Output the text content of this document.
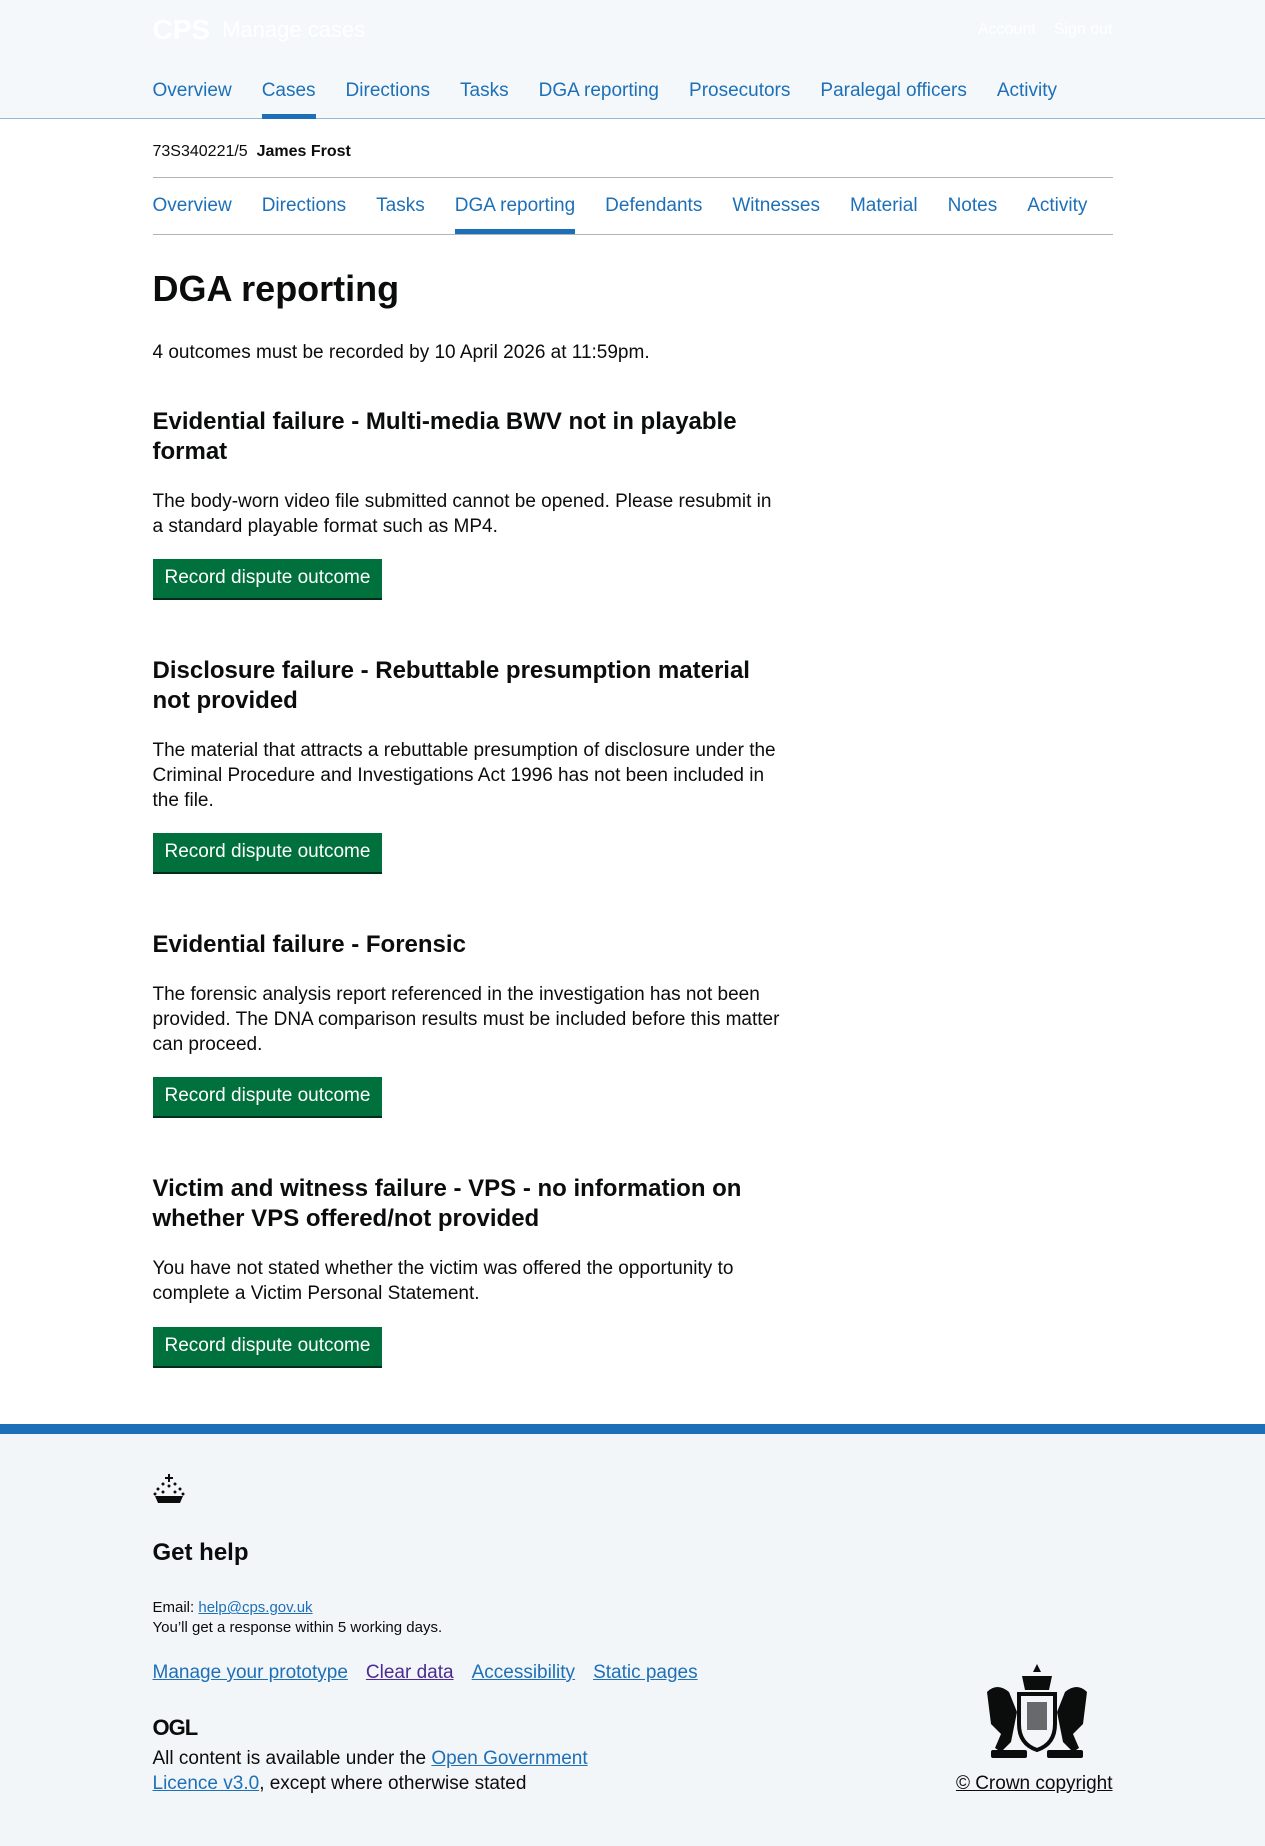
CPS Manage cases	Account Sign out
Overview Cases Directions Tasks DGA reporting Prosecutors Paralegal officers Activity
73S340221/5 James Frost
Overview Directions Tasks DGA reporting Defendants Witnesses Material Notes Activity
DGA reporting

4 outcomes must be recorded by 10 April 2026 at 11:59pm.

Evidential failure - Multi-media BWV not in playable format

The body-worn video file submitted cannot be opened. Please resubmit in a standard playable format such as MP4.

Record dispute outcome
Disclosure failure - Rebuttable presumption material not provided

The material that attracts a rebuttable presumption of disclosure under the Criminal Procedure and Investigations Act 1996 has not been included in the file.

Record dispute outcome
Evidential failure - Forensic

The forensic analysis report referenced in the investigation has not been provided. The DNA comparison results must be included before this matter can proceed.

Record dispute outcome
Victim and witness failure - VPS - no information on whether VPS offered/not provided

You have not stated whether the victim was offered the opportunity to complete a Victim Personal Statement.

Record dispute outcome
Get help

Email: help@cps.gov.uk

You’ll get a response within 5 working days.

Manage your prototype Clear data Accessibility Static pages
OGL

All content is available under the Open Government Licence v3.0, except where otherwise stated	© Crown copyright
